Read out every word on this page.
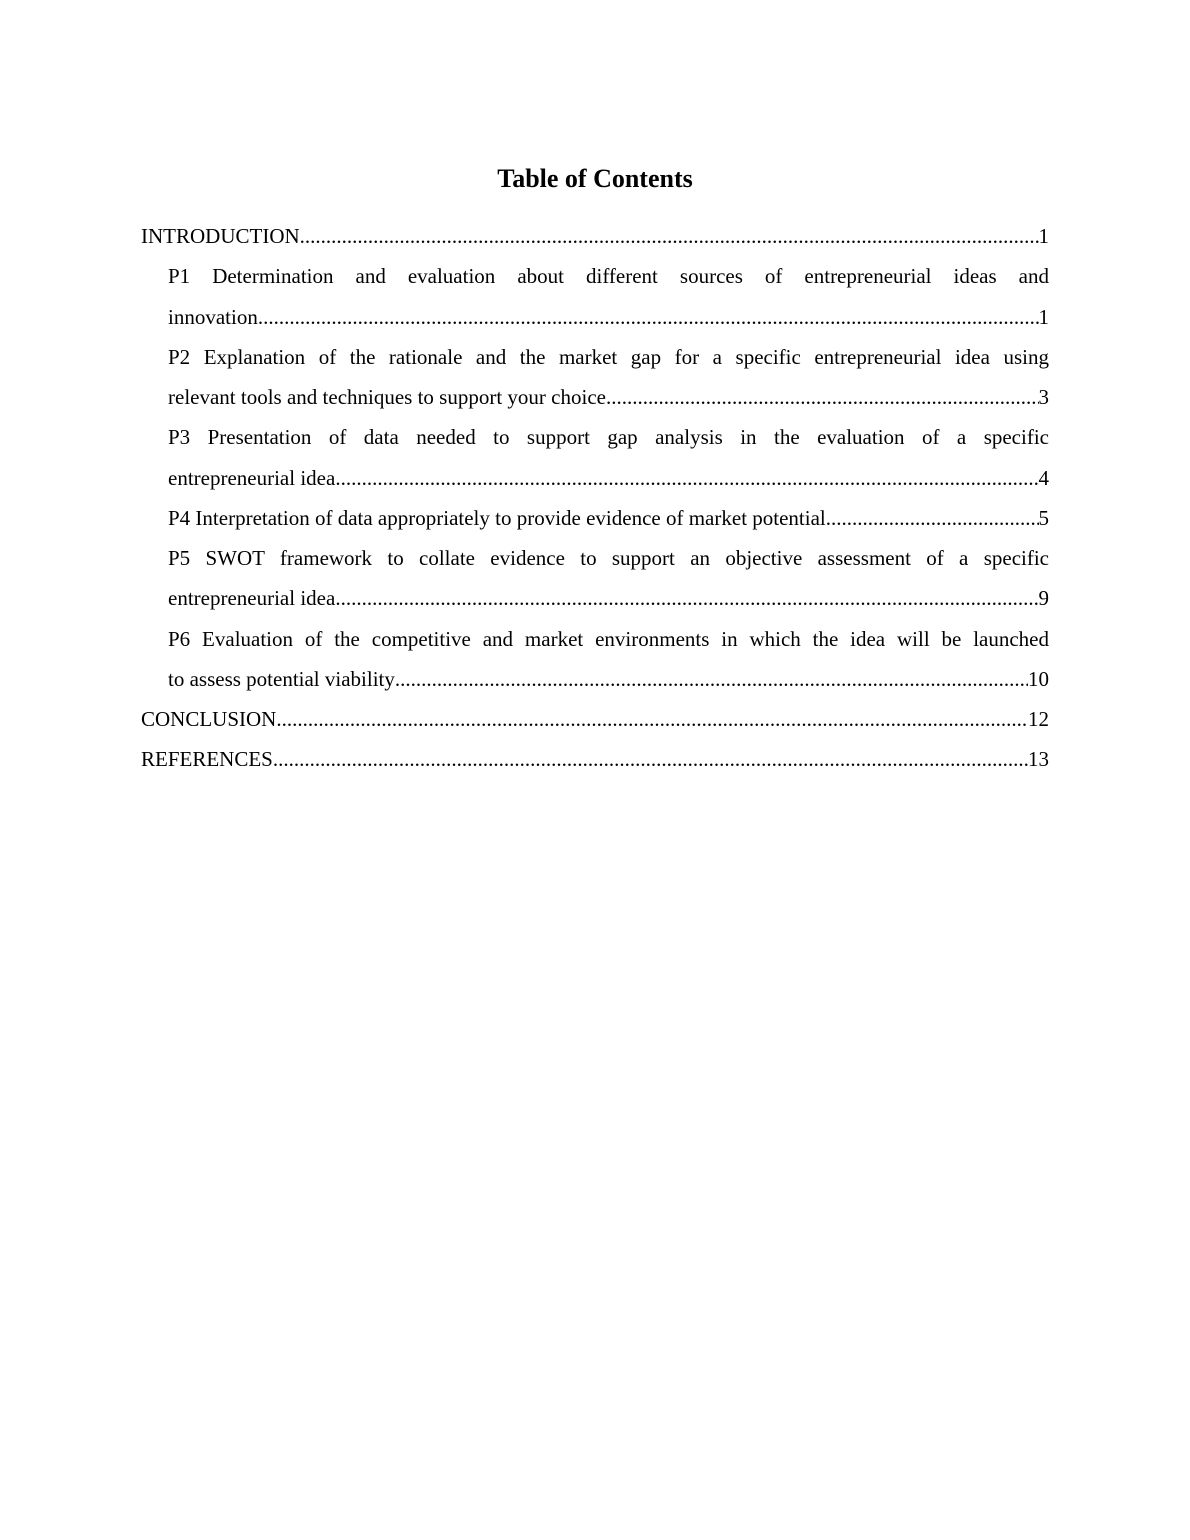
Table of Contents
INTRODUCTION .....	1
P1 Determination and evaluation about different sources of entrepreneurial ideas and
innovation .....	1
P2 Explanation of the rationale and the market gap for a specific entrepreneurial idea using
relevant tools and techniques to support your choice .....	3
P3 Presentation of data needed to support gap analysis in the evaluation of a specific
entrepreneurial idea .....	4
P4 Interpretation of data appropriately to provide evidence of market potential .....	5
P5 SWOT framework to collate evidence to support an objective assessment of a specific
entrepreneurial idea .....	9
P6 Evaluation of the competitive and market environments in which the idea will be launched
to assess potential viability .....	10
CONCLUSION .....	12
REFERENCES .....	13
